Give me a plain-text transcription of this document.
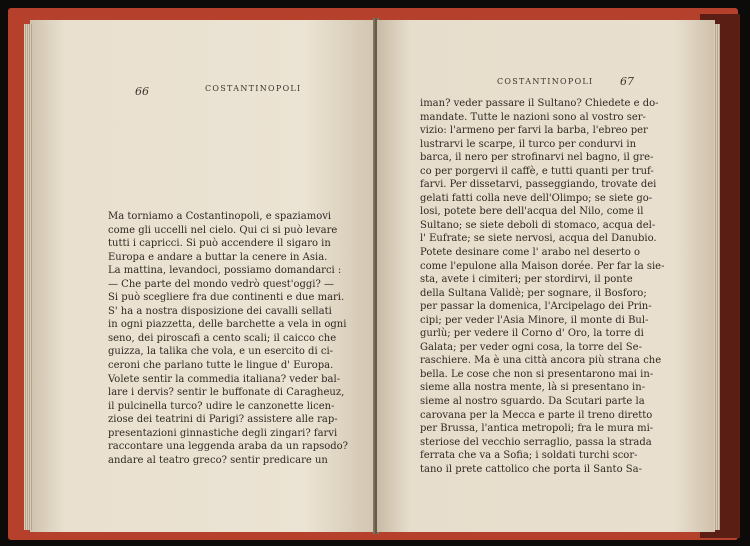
66	COSTANTINOPOLI
Ma torniamo a Costantinopoli, e spaziamovi
come gli uccelli nel cielo. Qui ci si può levare
tutti i capricci. Si può accendere il sigaro in
Europa e andare a buttar la cenere in Asia.
La mattina, levandoci, possiamo domandarci :
— Che parte del mondo vedrò quest'oggi? —
Si può scegliere fra due continenti e due mari.
S' ha a nostra disposizione dei cavalli sellati
in ogni piazzetta, delle barchette a vela in ogni
seno, dei piroscafi a cento scali; il caicco che
guizza, la talika che vola, e un esercito di ci-
ceroni che parlano tutte le lingue d' Europa.
Volete sentir la commedia italiana? veder bal-
lare i dervis? sentir le buffonate di Caragheuz,
il pulcinella turco? udire le canzonette licen-
ziose dei teatrini di Parigi? assistere alle rap-
presentazioni ginnastiche degli zingari? farvi
raccontare una leggenda araba da un rapsodo?
andare al teatro greco? sentir predicare un
COSTANTINOPOLI 67
iman? veder passare il Sultano? Chiedete e do-
mandate. Tutte le nazioni sono al vostro ser-
vizio: l'armeno per farvi la barba, l'ebreo per
lustrarvi le scarpe, il turco per condurvi in
barca, il nero per strofinarvi nel bagno, il gre-
co per porgervi il caffè, e tutti quanti per truf-
farvi. Per dissetarvi, passeggiando, trovate dei
gelati fatti colla neve dell'Olimpo; se siete go-
losi, potete bere dell'acqua del Nilo, come il
Sultano; se siete deboli di stomaco, acqua del-
l' Eufrate; se siete nervosi, acqua del Danubio.
Potete desinare come l' arabo nel deserto o
come l'epulone alla Maison dorée. Per far la sie-
sta, avete i cimiteri; per stordirvi, il ponte
della Sultana Validè; per sognare, il Bosforo;
per passar la domenica, l'Arcipelago dei Prin-
cipi; per veder l'Asia Minore, il monte di Bul-
gurlù; per vedere il Corno d' Oro, la torre di
Galata; per veder ogni cosa, la torre del Se-
raschiere. Ma è una città ancora più strana che
bella. Le cose che non si presentarono mai in-
sieme alla nostra mente, là si presentano in-
sieme al nostro sguardo. Da Scutari parte la
carovana per la Mecca e parte il treno diretto
per Brussa, l'antica metropoli; fra le mura mi-
steriose del vecchio serraglio, passa la strada
ferrata che va a Sofia; i soldati turchi scor-
tano il prete cattolico che porta il Santo Sa-
